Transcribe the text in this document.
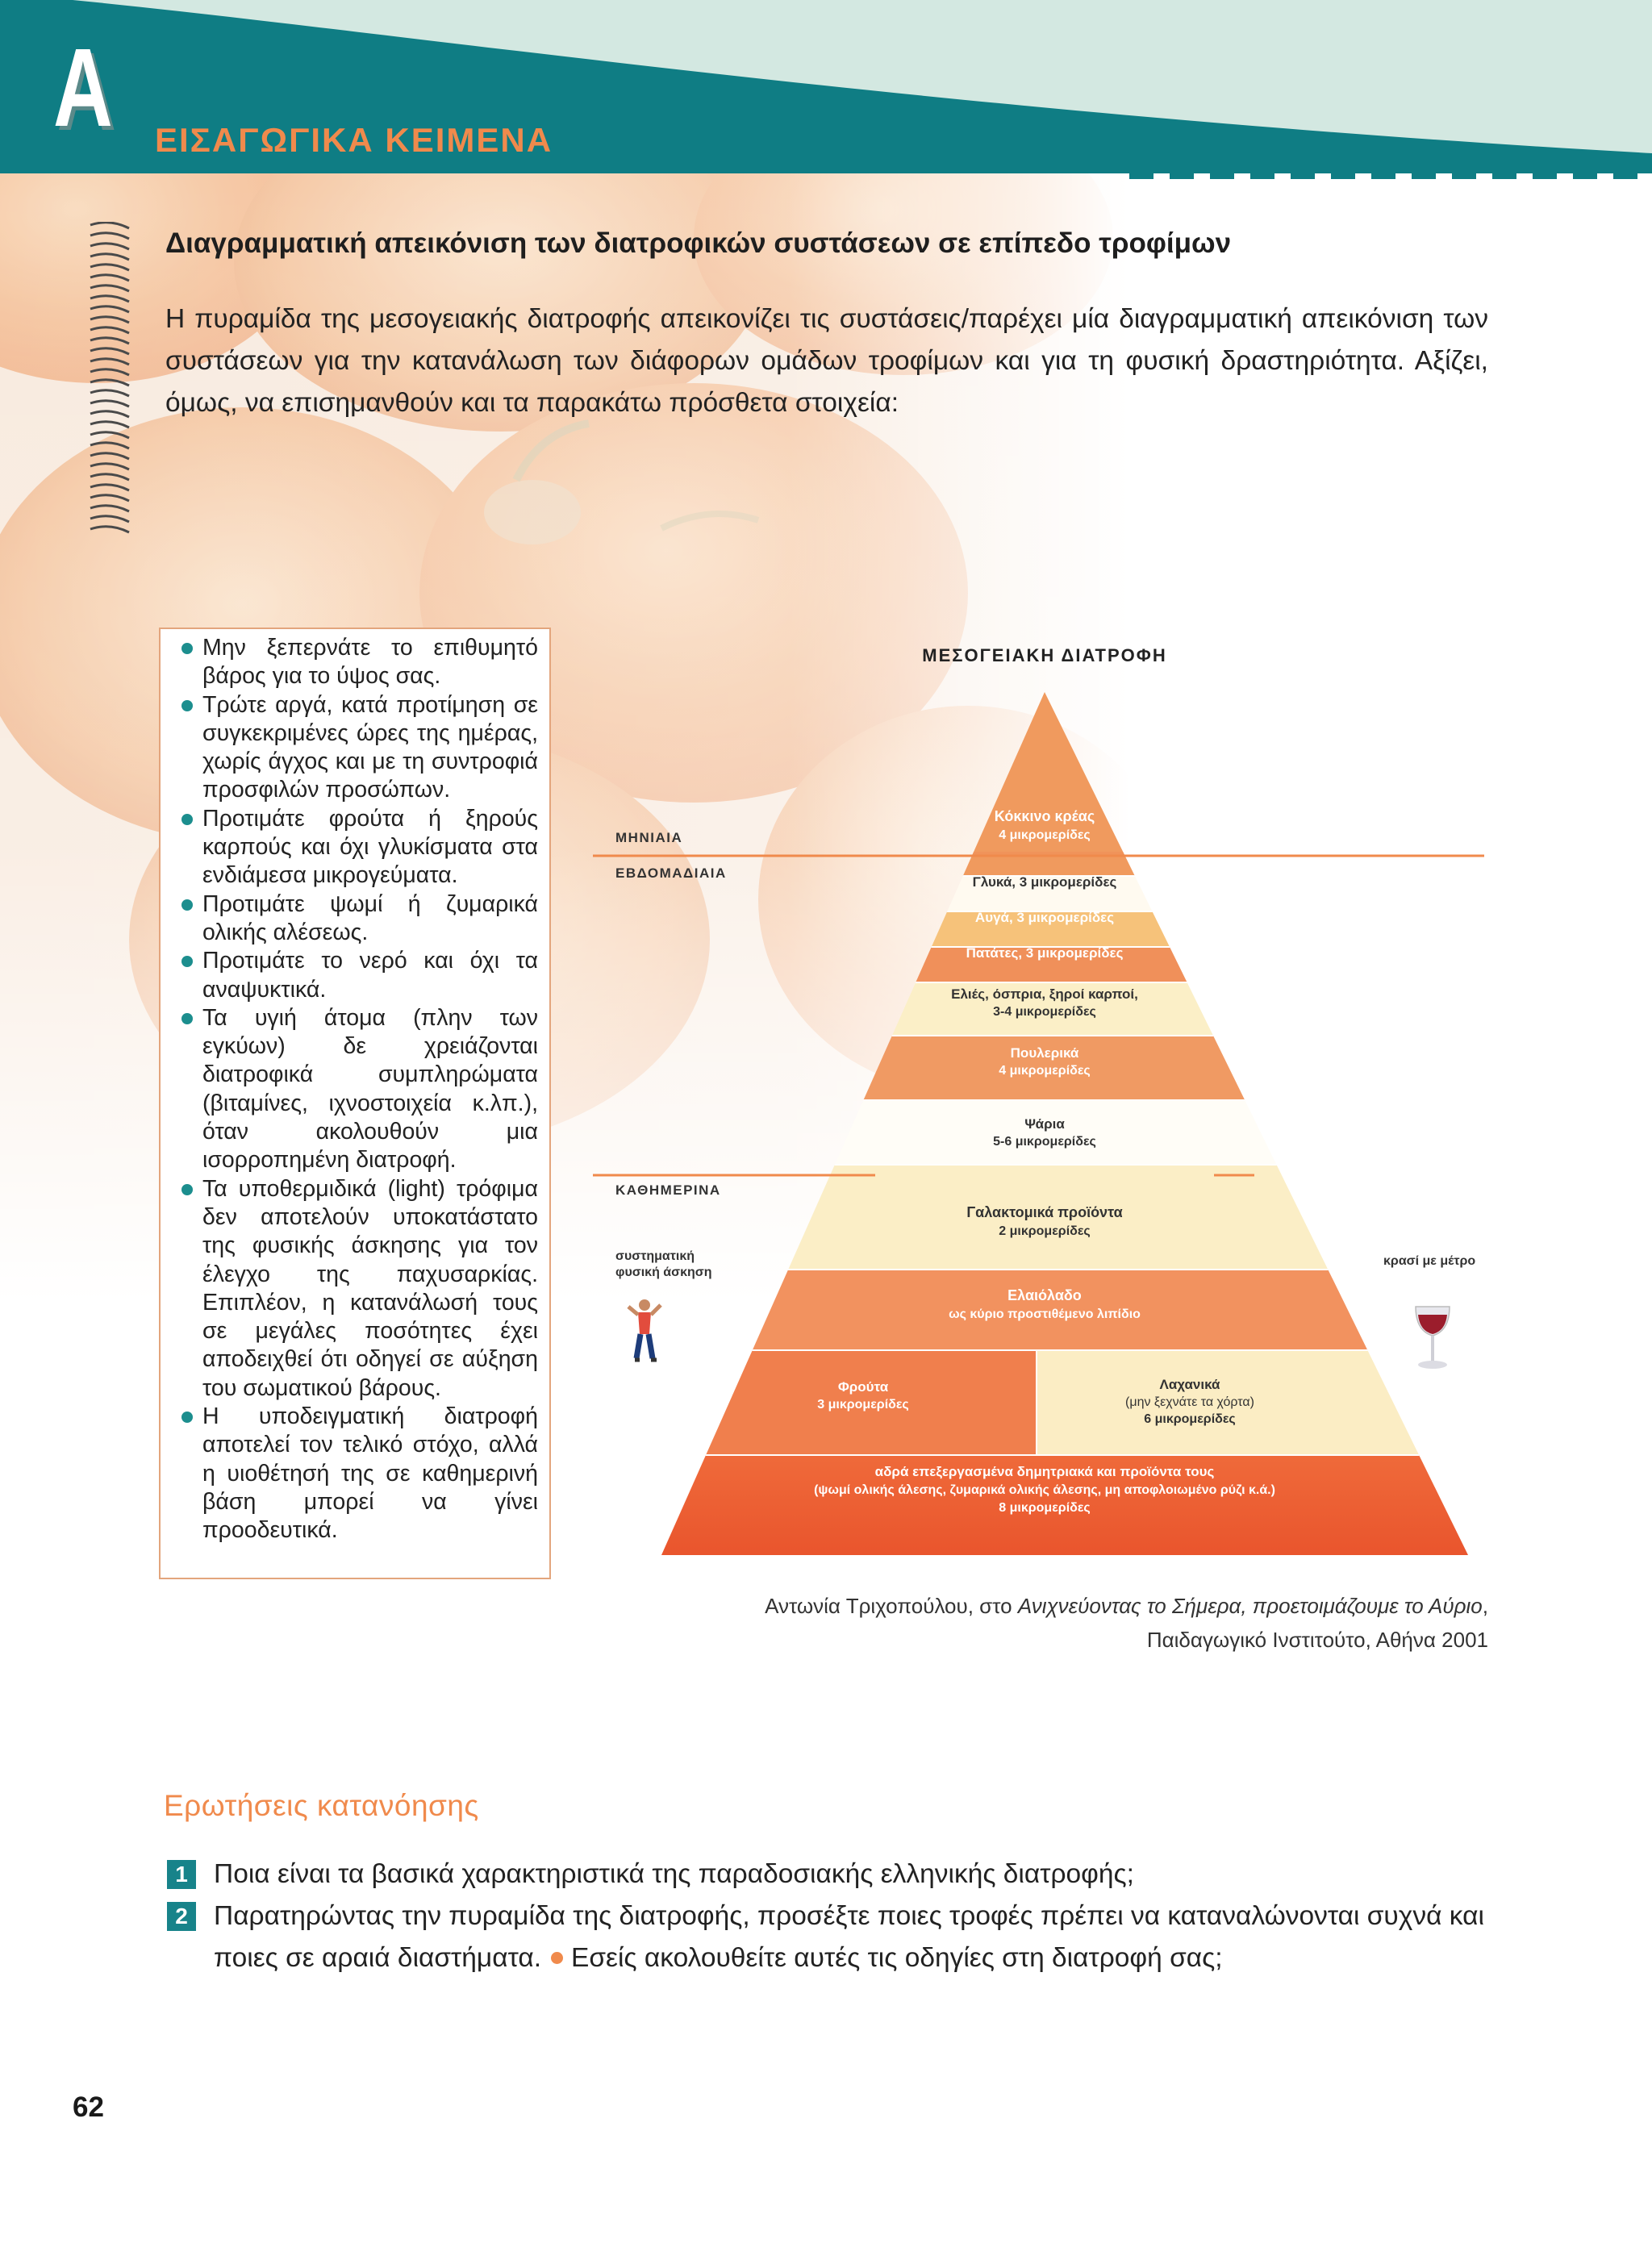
Α ΕΙΣΑΓΩΓΙΚΑ ΚΕΙΜΕΝΑ
Διαγραμματική απεικόνιση των διατροφικών συστάσεων σε επίπεδο τροφίμων
Η πυραμίδα της μεσογειακής διατροφής απεικονίζει τις συστάσεις/παρέχει μία διαγραμματική απεικόνιση των συστάσεων για την κατανάλωση των διάφορων ομάδων τροφίμων και για τη φυσική δραστηριότητα. Αξίζει, όμως, να επισημανθούν και τα παρακάτω πρόσθετα στοιχεία:
Μην ξεπερνάτε το επιθυμητό βάρος για το ύψος σας.
Τρώτε αργά, κατά προτίμηση σε συγκεκριμένες ώρες της ημέρας, χωρίς άγχος και με τη συντροφιά προσφιλών προσώπων.
Προτιμάτε φρούτα ή ξηρούς καρπούς και όχι γλυκίσματα στα ενδιάμεσα μικρογεύματα.
Προτιμάτε ψωμί ή ζυμαρικά ολικής αλέσεως.
Προτιμάτε το νερό και όχι τα αναψυκτικά.
Τα υγιή άτομα (πλην των εγκύων) δε χρειάζονται διατροφικά συμπληρώματα (βιταμίνες, ιχνοστοιχεία κ.λπ.), όταν ακολουθούν μια ισορροπημένη διατροφή.
Τα υποθερμιδικά (light) τρόφιμα δεν αποτελούν υποκατάστατο της φυσικής άσκησης για τον έλεγχο της παχυσαρκίας. Επιπλέον, η κατανάλωσή τους σε μεγάλες ποσότητες έχει αποδειχθεί ότι οδηγεί σε αύξηση του σωματικού βάρους.
Η υποδειγματική διατροφή αποτελεί τον τελικό στόχο, αλλά η υιοθέτησή της σε καθημερινή βάση μπορεί να γίνει προοδευτικά.
ΜΕΣΟΓΕΙΑΚΗ ΔΙΑΤΡΟΦΗ
ΜΗΝΙΑΙΑ
ΕΒΔΟΜΑΔΙΑΙΑ
ΚΑΘΗΜΕΡΙΝΑ
συστηματική
φυσική άσκηση
κρασί με μέτρο
Κόκκινο κρέας
4 μικρομερίδες
Γλυκά, 3 μικρομερίδες
Αυγά, 3 μικρομερίδες
Πατάτες, 3 μικρομερίδες
Ελιές, όσπρια, ξηροί καρποί,
3-4 μικρομερίδες
Πουλερικά
4 μικρομερίδες
Ψάρια
5-6 μικρομερίδες
Γαλακτομικά προϊόντα
2 μικρομερίδες
Ελαιόλαδο
ως κύριο προστιθέμενο λιπίδιο
Φρούτα
3 μικρομερίδες
Λαχανικά
(μην ξεχνάτε τα χόρτα)
6 μικρομερίδες
αδρά επεξεργασμένα δημητριακά και προϊόντα τους
(ψωμί ολικής άλεσης, ζυμαρικά ολικής άλεσης, μη αποφλοιωμένο ρύζι κ.ά.)
8 μικρομερίδες
Αντωνία Τριχοπούλου, στο Ανιχνεύοντας το Σήμερα, προετοιμάζουμε το Αύριο,
Παιδαγωγικό Ινστιτούτο, Αθήνα 2001
Ερωτήσεις κατανόησης
1 Ποια είναι τα βασικά χαρακτηριστικά της παραδοσιακής ελληνικής διατροφής;
2 Παρατηρώντας την πυραμίδα της διατροφής, προσέξτε ποιες τροφές πρέπει να καταναλώνονται συχνά και ποιες σε αραιά διαστήματα. Εσείς ακολουθείτε αυτές τις οδηγίες στη διατροφή σας;
62
